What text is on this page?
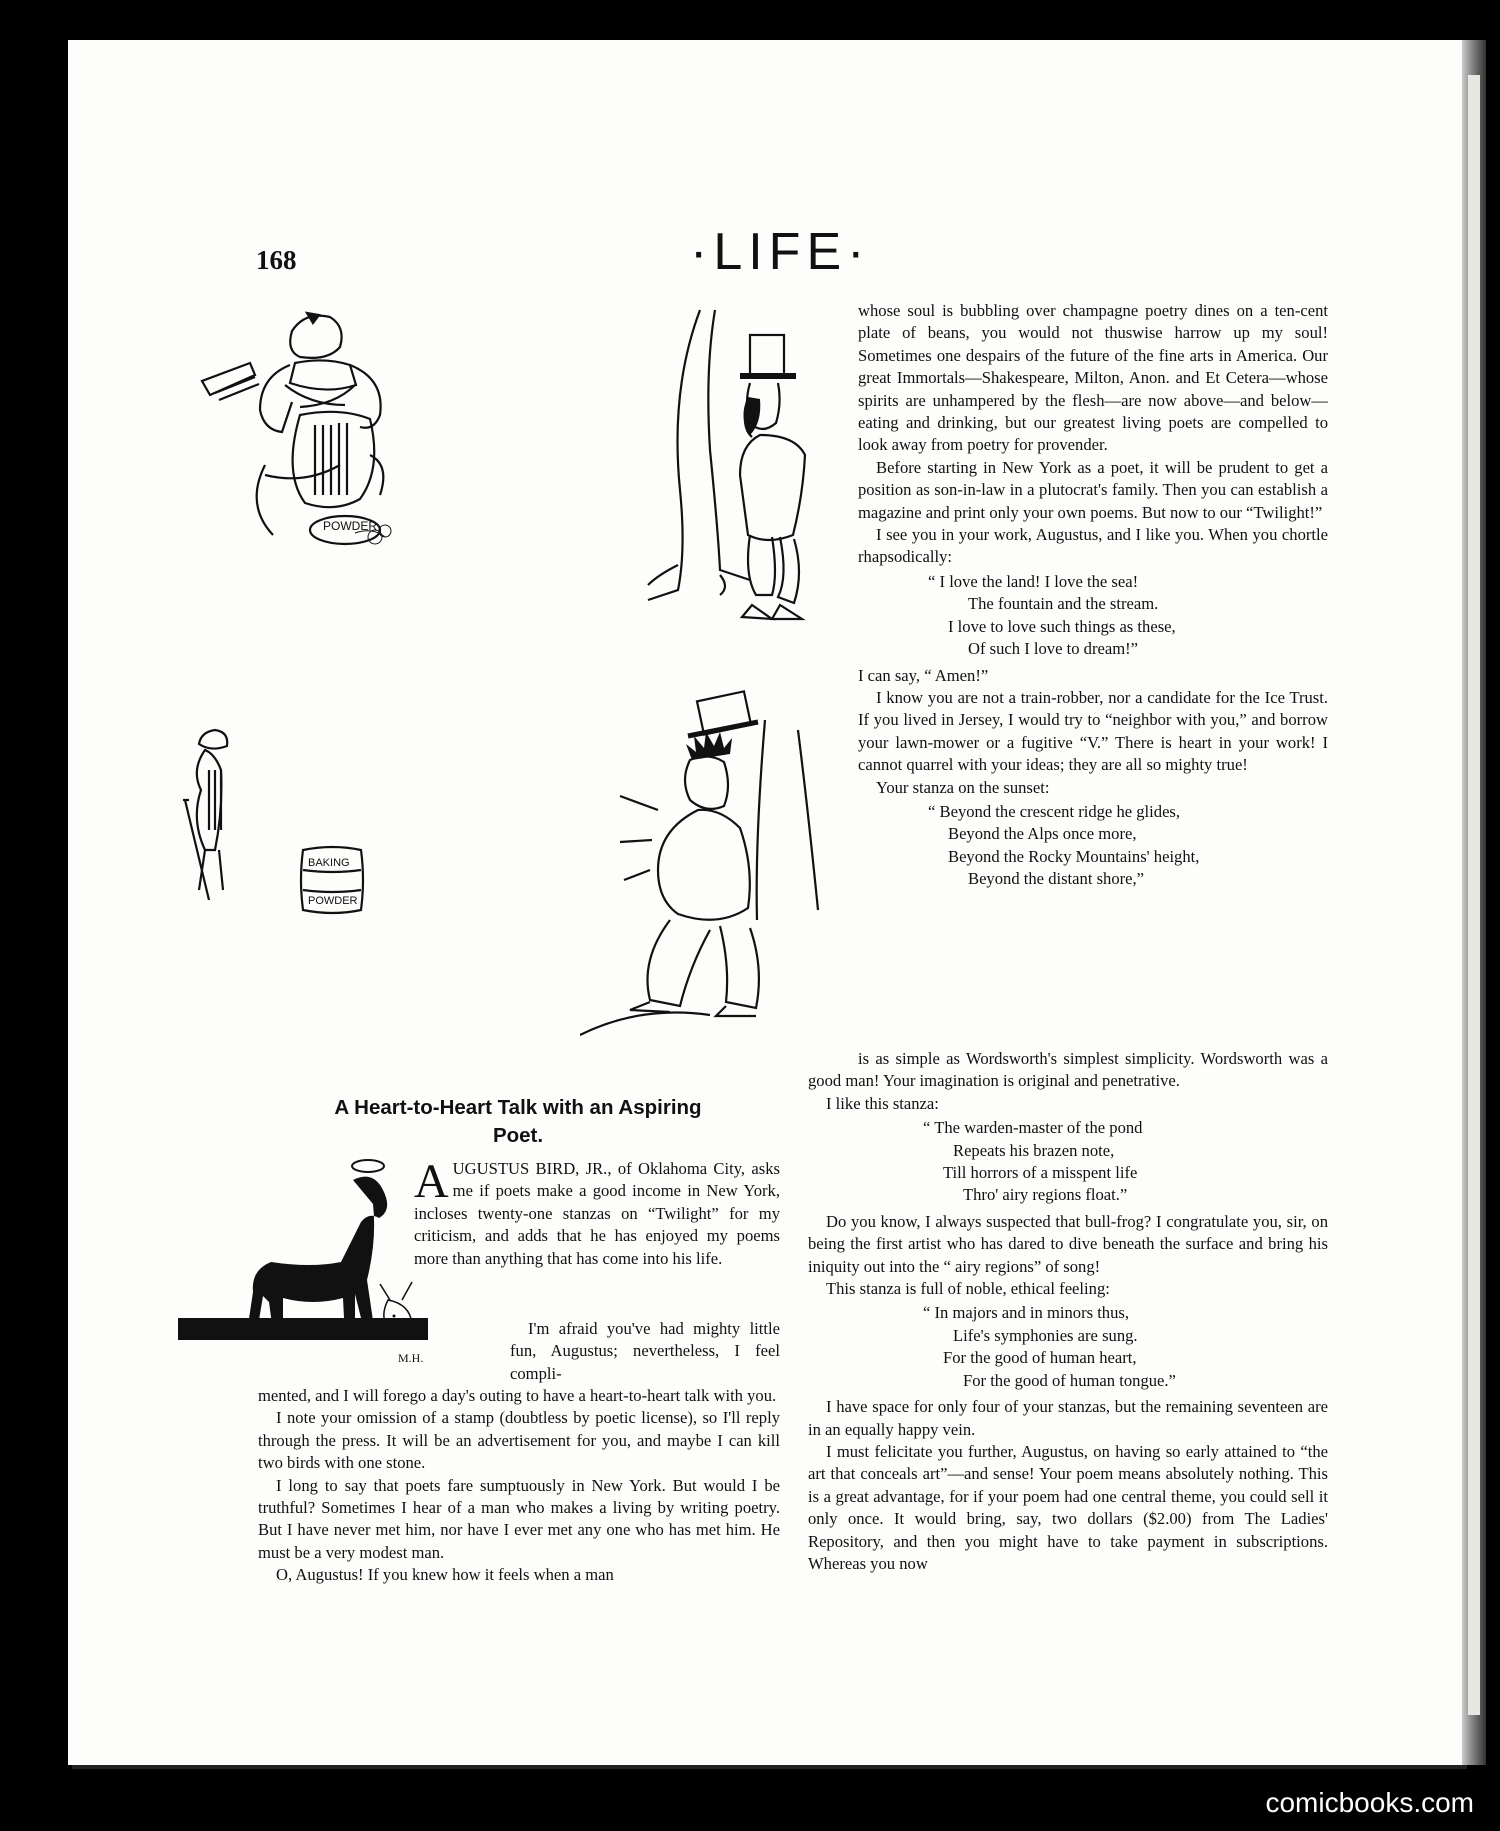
168	·LIFE·
POWDER
BAKING
POWDER
A Heart-to-Heart Talk with an Aspiring Poet.
M.H.

AUGUSTUS BIRD, JR., of Oklahoma City, asks me if poets make a good income in New York, incloses twenty-one stanzas on “Twilight” for my criticism, and adds that he has enjoyed my poems more than anything that has come into his life.

I'm afraid you've had mighty little fun, Augustus; nevertheless, I feel compli-

mented, and I will forego a day's outing to have a heart-to-heart talk with you.

I note your omission of a stamp (doubtless by poetic license), so I'll reply through the press. It will be an advertisement for you, and maybe I can kill two birds with one stone.

I long to say that poets fare sumptuously in New York. But would I be truthful? Sometimes I hear of a man who makes a living by writing poetry. But I have never met him, nor have I ever met any one who has met him. He must be a very modest man.

O, Augustus! If you knew how it feels when a man

whose soul is bubbling over champagne poetry dines on a ten-cent plate of beans, you would not thuswise harrow up my soul! Sometimes one despairs of the future of the fine arts in America. Our great Immortals—Shakespeare, Milton, Anon. and Et Cetera—whose spirits are unhampered by the flesh—are now above—and below—eating and drinking, but our greatest living poets are compelled to look away from poetry for provender.

Before starting in New York as a poet, it will be prudent to get a position as son-in-law in a plutocrat's family. Then you can establish a magazine and print only your own poems. But now to our “Twilight!”

I see you in your work, Augustus, and I like you. When you chortle rhapsodically:

“ I love the land! I love the sea!
The fountain and the stream.
I love to love such things as these,
Of such I love to dream!”

I can say, “ Amen!”

I know you are not a train-robber, nor a candidate for the Ice Trust. If you lived in Jersey, I would try to “neighbor with you,” and borrow your lawn-mower or a fugitive “V.” There is heart in your work! I cannot quarrel with your ideas; they are all so mighty true!

Your stanza on the sunset:

“ Beyond the crescent ridge he glides,
Beyond the Alps once more,
Beyond the Rocky Mountains' height,
Beyond the distant shore,”

is as simple as Wordsworth's simplest simplicity. Wordsworth was a good man! Your imagination is original and penetrative.

I like this stanza:

“ The warden-master of the pond
Repeats his brazen note,
Till horrors of a misspent life
Thro' airy regions float.”

Do you know, I always suspected that bull-frog? I congratulate you, sir, on being the first artist who has dared to dive beneath the surface and bring his iniquity out into the “ airy regions” of song!

This stanza is full of noble, ethical feeling:

“ In majors and in minors thus,
Life's symphonies are sung.
For the good of human heart,
For the good of human tongue.”

I have space for only four of your stanzas, but the remaining seventeen are in an equally happy vein.

I must felicitate you further, Augustus, on having so early attained to “the art that conceals art”—and sense! Your poem means absolutely nothing. This is a great advantage, for if your poem had one central theme, you could sell it only once. It would bring, say, two dollars ($2.00) from The Ladies' Repository, and then you might have to take payment in subscriptions. Whereas you now

comicbooks.com
